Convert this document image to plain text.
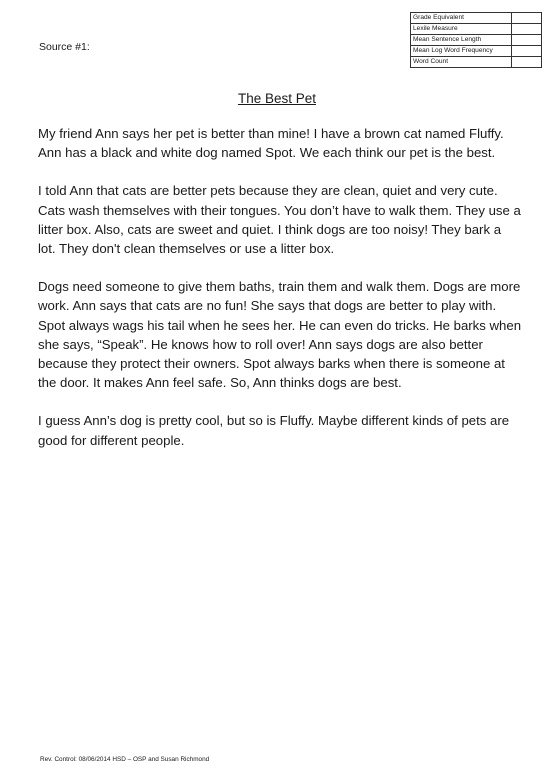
Source #1:
Grade Equivalent	
Lexile Measure	
Mean Sentence Length	
Mean Log Word Frequency	
Word Count	
The Best Pet

My friend Ann says her pet is better than mine! I have a brown cat named Fluffy. Ann has a black and white dog named Spot. We each think our pet is the best.

I told Ann that cats are better pets because they are clean, quiet and very cute. Cats wash themselves with their tongues. You don’t have to walk them. They use a litter box. Also, cats are sweet and quiet. I think dogs are too noisy! They bark a lot. They don't clean themselves or use a litter box.

Dogs need someone to give them baths, train them and walk them. Dogs are more work. Ann says that cats are no fun! She says that dogs are better to play with. Spot always wags his tail when he sees her. He can even do tricks. He barks when she says, “Speak”. He knows how to roll over! Ann says dogs are also better because they protect their owners. Spot always barks when there is someone at the door. It makes Ann feel safe. So, Ann thinks dogs are best.

I guess Ann’s dog is pretty cool, but so is Fluffy. Maybe different kinds of pets are good for different people.

Rev. Control: 08/06/2014 HSD – OSP and Susan Richmond
